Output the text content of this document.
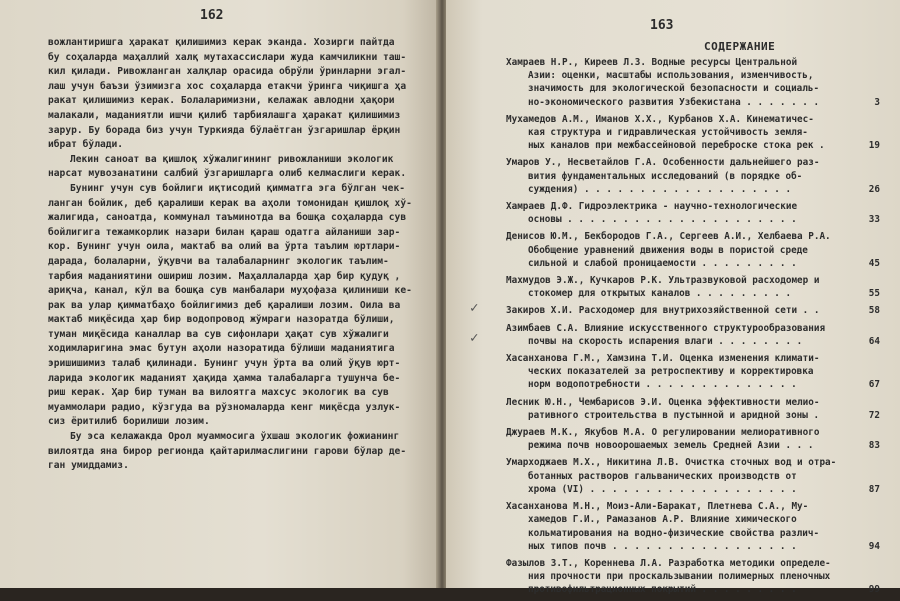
162
вожлантиришга ҳаракат қилишимиз керак эканда. Хозирги пайтда
бу соҳаларда маҳаллий халқ мутахассислари жуда камчиликни таш-
кил қилади. Ривожланган халқлар орасида обрўли ўринларни эгал-
лаш учун баъзи ўзимизга хос соҳаларда етакчи ўринга чиқишга ҳа
ракат қилишимиз керак. Болаларимизни, келажак авлодни ҳақори
малакали, маданиятли ишчи қилиб тарбиялашга ҳаракат қилишимиз
зарур. Бу борада биз учун Туркияда бўлаётган ўзгаришлар ёрқин
ибрат бўлади.
Лекин саноат ва қишлоқ хўжалигининг ривожланиши экологик
нарсат мувозанатини салбий ўзгаришларга олиб келмаслиги керак.
Бунинг учун сув бойлиги иқтисодий қимматга эга бўлган чек-
ланган бойлик, деб қаралиши керак ва аҳоли томонидан қишлоқ хў-
жалигида, саноатда, коммунал таъминотда ва бошқа соҳаларда сув
бойлигига тежамкорлик назари билан қараш одатга айланиши зар-
кор. Бунинг учун оила, мактаб ва олий ва ўрта таълим юртлари-
дарада, болаларни, ўқувчи ва талабаларнинг экологик таълим-
тарбия маданиятини ошириш лозим. Маҳаллаларда ҳар бир қудуқ ,
ариқча, канал, кўл ва бошқа сув манбалари муҳофаза қилиниши ке-
рак ва улар қимматбаҳо бойлигимиз деб қаралиши лозим. Оила ва
мактаб миқёсида ҳар бир водопровод жўмраги назоратда бўлиши,
туман миқёсида каналлар ва сув сифонлари ҳақат сув хўжалиги
ходимларигина эмас бутун аҳоли назоратида бўлиши маданиятига
эришишимиз талаб қилинади. Бунинг учун ўрта ва олий ўқув юрт-
ларида экологик маданият ҳақида ҳамма талабаларга тушунча бе-
риш керак. Ҳар бир туман ва вилоятга махсус экологик ва сув
муаммолари радио, кўзгуда ва рўзномаларда кенг миқёсда узлук-
сиз ёритилиб борилиши лозим.
Бу эса келажакда Орол муаммосига ўхшаш экологик фожианинг
вилоятда яна бирор регионда қайтарилмаслигини гарови бўлар де-
ган умиддамиз.
163
СОДЕРЖАНИЕ
✓
✓
Хамраев Н.Р., Киреев Л.З. Водные ресурсы Центральной
Азии: оценки, масштабы использования, изменчивость,
значимость для экологической безопасности и социаль-
но-экономического развития Узбекистана . . . . . . .	3
Мухамедов А.М., Иманов Х.Х., Курбанов Х.А. Кинематичес-
кая структура и гидравлическая устойчивость земля-
ных каналов при межбассейновой переброске стока рек .	19
Умаров У., Несветайлов Г.А. Особенности дальнейшего раз-
вития фундаментальных исследований (в порядке об-
суждения) . . . . . . . . . . . . . . . . . . .	26
Хамраев Д.Ф. Гидроэлектрика - научно-технологические
основы . . . . . . . . . . . . . . . . . . . . .	33
Денисов Ю.М., Бекбородов Г.А., Сергеев А.И., Хелбаева Р.А.
Обобщение уравнений движения воды в пористой среде
сильной и слабой проницаемости . . . . . . . . .	45
Махмудов Э.Ж., Кучкаров Р.К. Ультразвуковой расходомер и
стокомер для открытых каналов . . . . . . . . .	55
Закиров Х.И. Расходомер для внутрихозяйственной сети . .	58
Азимбаев С.А. Влияние искусственного структурообразования
почвы на скорость испарения влаги . . . . . . . .	64
Хасанханова Г.М., Хамзина Т.И. Оценка изменения климати-
ческих показателей за ретроспективу и корректировка
норм водопотребности . . . . . . . . . . . . . .	67
Лесник Ю.Н., Чембарисов Э.И. Оценка эффективности мелио-
ративного строительства в пустынной и аридной зоны .	72
Джураев М.К., Якубов М.А. О регулировании мелиоративного
режима почв новоорошаемых земель Средней Азии . . .	83
Умарходжаев М.Х., Никитина Л.В. Очистка сточных вод и отра-
ботанных растворов гальванических производств от
хрома (VI) . . . . . . . . . . . . . . . . . . .	87
Хасанханова М.Н., Моиз-Али-Баракат, Плетнева С.А., Му-
хамедов Г.И., Рамазанов А.Р. Влияние химического
кольматирования на водно-физические свойства различ-
ных типов почв . . . . . . . . . . . . . . . . .	94
Фазылов З.Т., Кореннева Л.А. Разработка методики определе-
ния прочности при проскальзывании полимерных пленочных
противофильтрационных покрытий . . . . . . . . .	99
